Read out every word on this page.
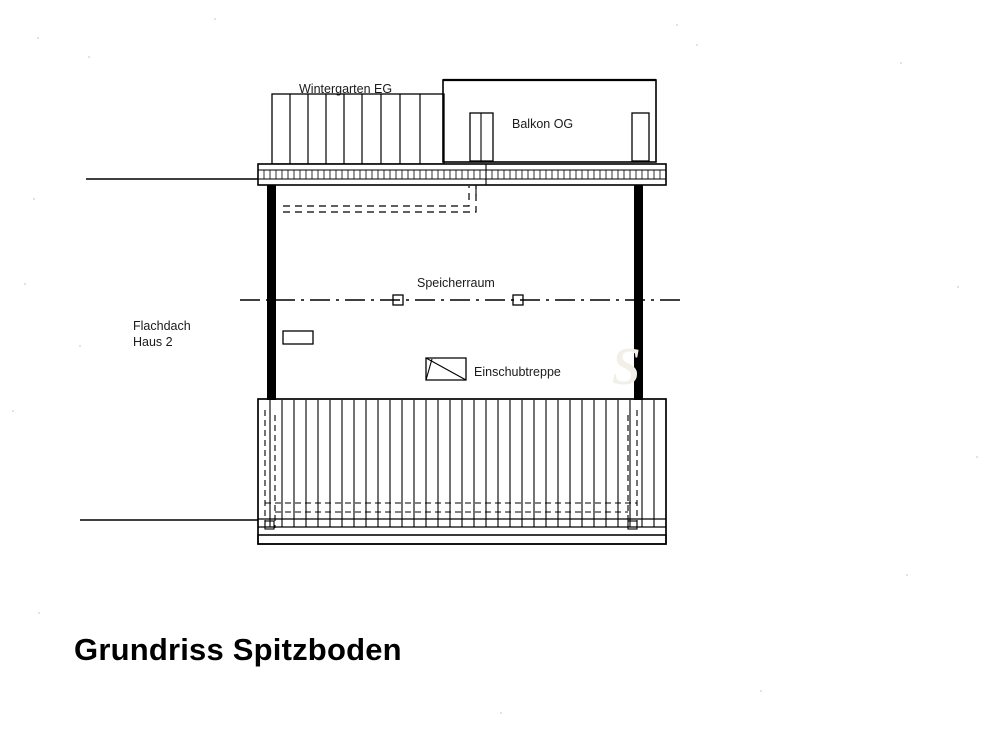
s
Wintergarten EG
Balkon OG
Speicherraum
Flachdach
Haus 2
Einschubtreppe
Grundriss Spitzboden
